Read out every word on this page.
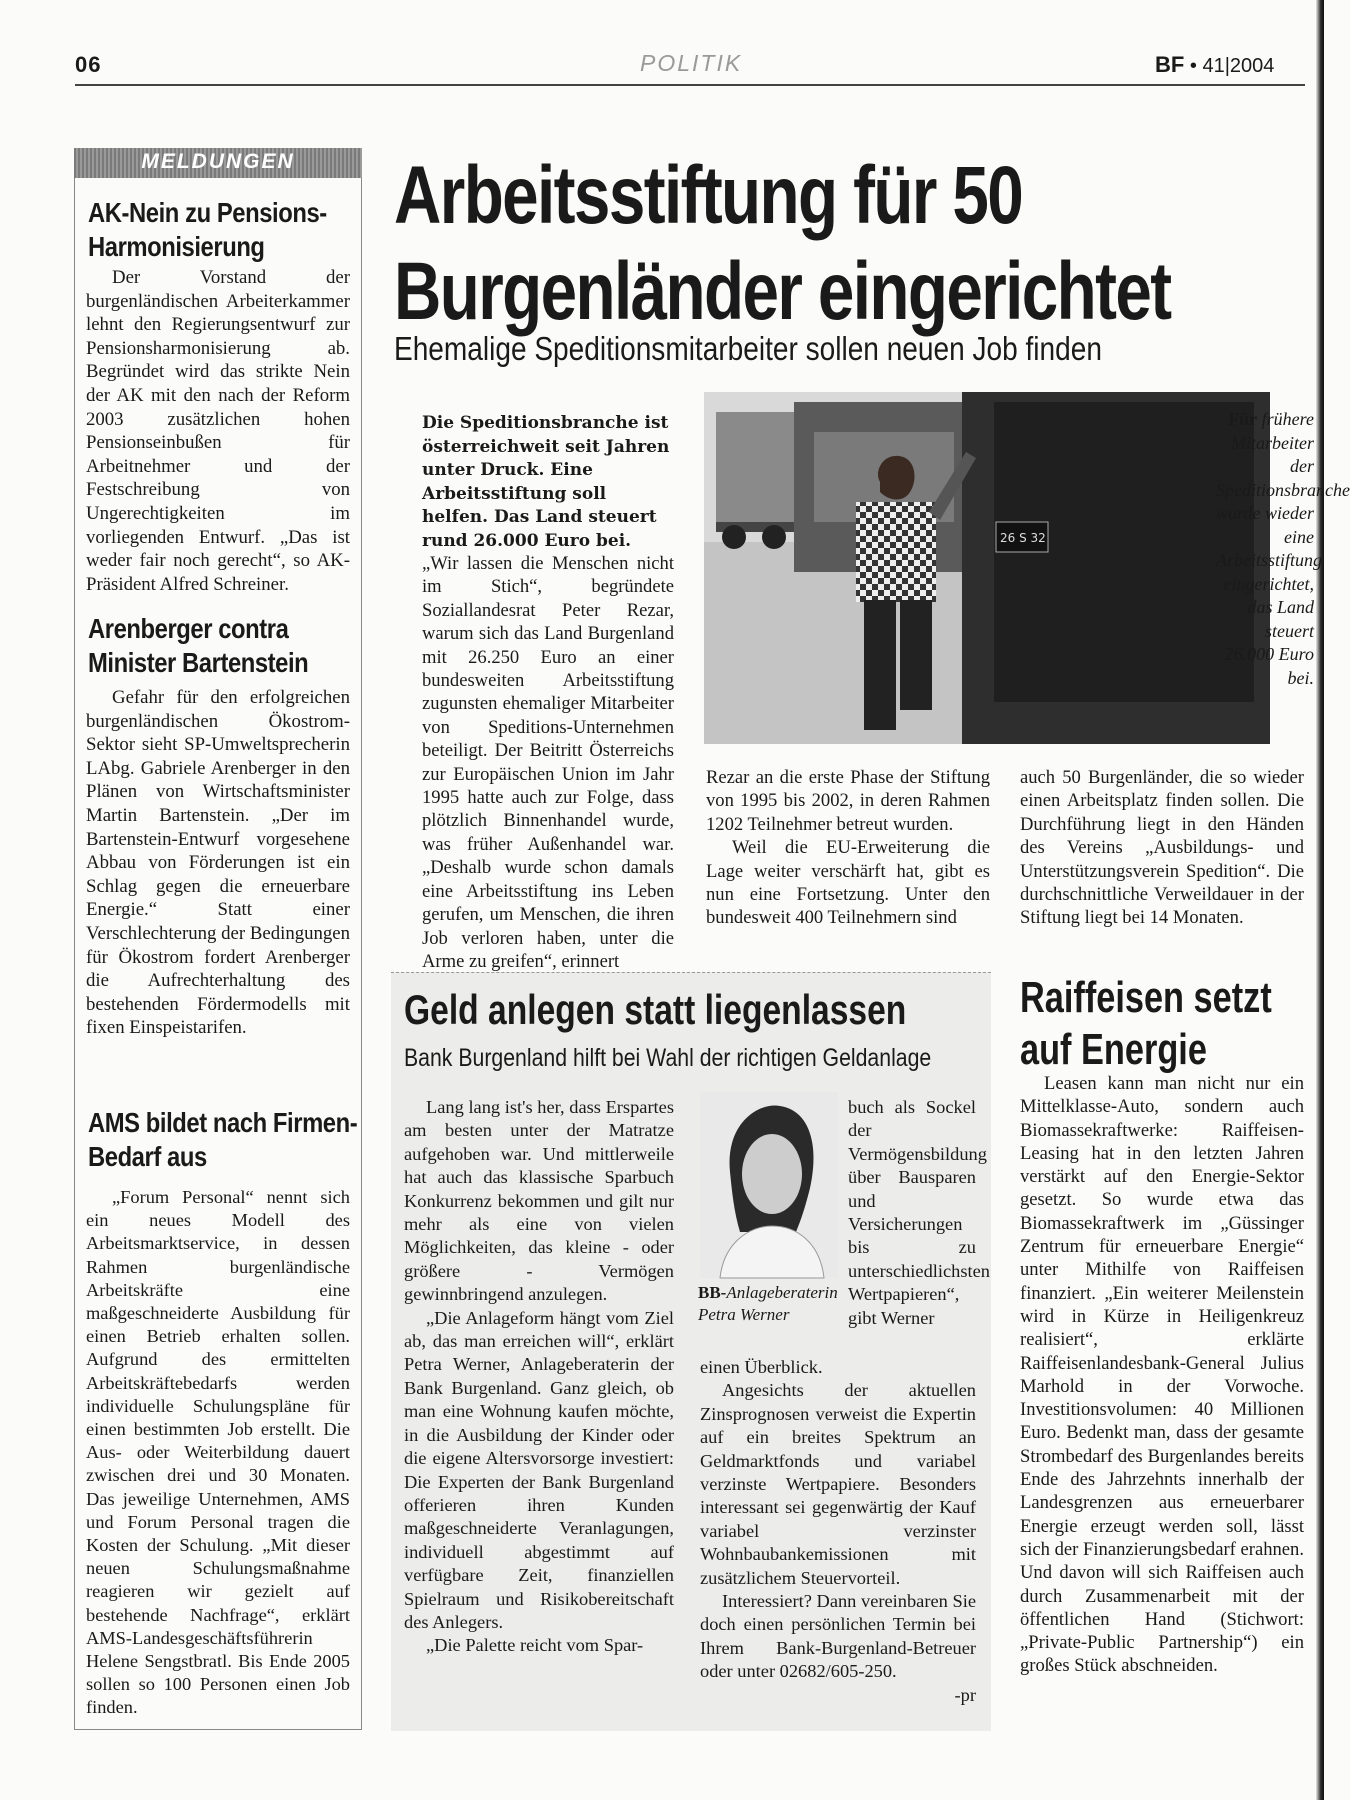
06	POLITIK	BF • 41|2004
MELDUNGEN
AK-Nein zu Pensions-Harmonisierung

Der Vorstand der burgenländischen Arbeiterkammer lehnt den Regierungsentwurf zur Pensionsharmonisierung ab. Begründet wird das strikte Nein der AK mit den nach der Reform 2003 zusätzlichen hohen Pensionseinbußen für Arbeitnehmer und der Festschreibung von Ungerechtigkeiten im vorliegenden Entwurf. „Das ist weder fair noch gerecht“, so AK-Präsident Alfred Schreiner.

Arenberger contra Minister Bartenstein

Gefahr für den erfolgreichen burgenländischen Ökostrom-Sektor sieht SP-Umweltsprecherin LAbg. Gabriele Arenberger in den Plänen von Wirtschaftsminister Martin Bartenstein. „Der im Bartenstein-Entwurf vorgesehene Abbau von Förderungen ist ein Schlag gegen die erneuerbare Energie.“ Statt einer Verschlechterung der Bedingungen für Ökostrom fordert Arenberger die Aufrechterhaltung des bestehenden Fördermodells mit fixen Einspeistarifen.

AMS bildet nach Firmen-Bedarf aus

„Forum Personal“ nennt sich ein neues Modell des Arbeitsmarktservice, in dessen Rahmen burgenländische Arbeitskräfte eine maßgeschneiderte Ausbildung für einen Betrieb erhalten sollen. Aufgrund des ermittelten Arbeitskräftebedarfs werden individuelle Schulungspläne für einen bestimmten Job erstellt. Die Aus- oder Weiterbildung dauert zwischen drei und 30 Monaten. Das jeweilige Unternehmen, AMS und Forum Personal tragen die Kosten der Schulung. „Mit dieser neuen Schulungsmaßnahme reagieren wir gezielt auf bestehende Nachfrage“, erklärt AMS-Landesgeschäftsführerin Helene Sengstbratl. Bis Ende 2005 sollen so 100 Personen einen Job finden.

Arbeitsstiftung für 50
Burgenländer eingerichtet
Ehemalige Speditionsmitarbeiter sollen neuen Job finden

Die Speditionsbranche ist österreichweit seit Jahren unter Druck. Eine Arbeitsstiftung soll helfen. Das Land steuert rund 26.000 Euro bei.

„Wir lassen die Menschen nicht im Stich“, begründete Soziallandesrat Peter Rezar, warum sich das Land Burgenland mit 26.250 Euro an einer bundesweiten Arbeitsstiftung zugunsten ehemaliger Mitarbeiter von Speditions-Unternehmen beteiligt. Der Beitritt Österreichs zur Europäischen Union im Jahr 1995 hatte auch zur Folge, dass plötzlich Binnenhandel wurde, was früher Außenhandel war. „Deshalb wurde schon damals eine Arbeitsstiftung ins Leben gerufen, um Menschen, die ihren Job verloren haben, unter die Arme zu greifen“, erinnert

26 S 32
Für frühere Mitarbeiter der Speditionsbranche wurde wieder eine Arbeitsstiftung eingerichtet, das Land steuert 26.000 Euro bei.

Rezar an die erste Phase der Stiftung von 1995 bis 2002, in deren Rahmen 1202 Teilnehmer betreut wurden.

Weil die EU-Erweiterung die Lage weiter verschärft hat, gibt es nun eine Fortsetzung. Unter den bundesweit 400 Teilnehmern sind

auch 50 Burgenländer, die so wieder einen Arbeitsplatz finden sollen. Die Durchführung liegt in den Händen des Vereins „Ausbildungs- und Unterstützungsverein Spedition“. Die durchschnittliche Verweildauer in der Stiftung liegt bei 14 Monaten.

Geld anlegen statt liegenlassen
Bank Burgenland hilft bei Wahl der richtigen Geldanlage

Lang lang ist's her, dass Erspartes am besten unter der Matratze aufgehoben war. Und mittlerweile hat auch das klassische Sparbuch Konkurrenz bekommen und gilt nur mehr als eine von vielen Möglichkeiten, das kleine - oder größere - Vermögen gewinnbringend anzulegen.

„Die Anlageform hängt vom Ziel ab, das man erreichen will“, erklärt Petra Werner, Anlageberaterin der Bank Burgenland. Ganz gleich, ob man eine Wohnung kaufen möchte, in die Ausbildung der Kinder oder die eigene Altersvorsorge investiert: Die Experten der Bank Burgenland offerieren ihren Kunden maßgeschneiderte Veranlagungen, individuell abgestimmt auf verfügbare Zeit, finanziellen Spielraum und Risikobereitschaft des Anlegers.

„Die Palette reicht vom Spar-

BB-Anlageberaterin Petra Werner

buch als Sockel der Vermögensbildung über Bausparen und Versicherungen bis zu unterschiedlichsten Wertpapieren“, gibt Werner

einen Überblick.

Angesichts der aktuellen Zinsprognosen verweist die Expertin auf ein breites Spektrum an Geldmarktfonds und variabel verzinste Wertpapiere. Besonders interessant sei gegenwärtig der Kauf variabel verzinster Wohnbaubankemissionen mit zusätzlichem Steuervorteil.

Interessiert? Dann vereinbaren Sie doch einen persönlichen Termin bei Ihrem Bank-Burgenland-Betreuer oder unter 02682/605-250.

-pr
Raiffeisen setzt auf Energie

Leasen kann man nicht nur ein Mittelklasse-Auto, sondern auch Biomassekraftwerke: Raiffeisen-Leasing hat in den letzten Jahren verstärkt auf den Energie-Sektor gesetzt. So wurde etwa das Biomassekraftwerk im „Güssinger Zentrum für erneuerbare Energie“ unter Mithilfe von Raiffeisen finanziert. „Ein weiterer Meilenstein wird in Kürze in Heiligenkreuz realisiert“, erklärte Raiffeisenlandesbank-General Julius Marhold in der Vorwoche. Investitionsvolumen: 40 Millionen Euro. Bedenkt man, dass der gesamte Strombedarf des Burgenlandes bereits Ende des Jahrzehnts innerhalb der Landesgrenzen aus erneuerbarer Energie erzeugt werden soll, lässt sich der Finanzierungsbedarf erahnen. Und davon will sich Raiffeisen auch durch Zusammenarbeit mit der öffentlichen Hand (Stichwort: „Private-Public Partnership“) ein großes Stück abschneiden.
